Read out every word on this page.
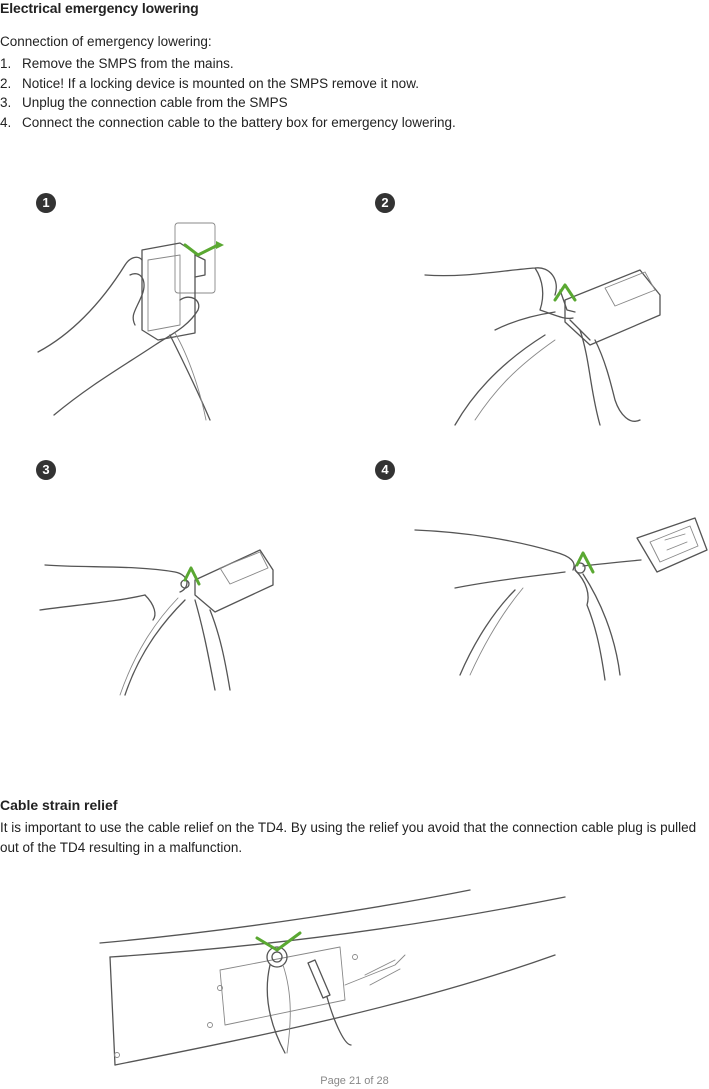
Electrical emergency lowering
Connection of emergency lowering:
1. Remove the SMPS from the mains.
2. Notice! If a locking device is mounted on the SMPS remove it now.
3. Unplug the connection cable from the SMPS
4. Connect the connection cable to the battery box for emergency lowering.
1	2
3	4
Cable strain relief
It is important to use the cable relief on the TD4. By using the relief you avoid that the connection cable plug is pulled out of the TD4 resulting in a malfunction.
Page 21 of 28
